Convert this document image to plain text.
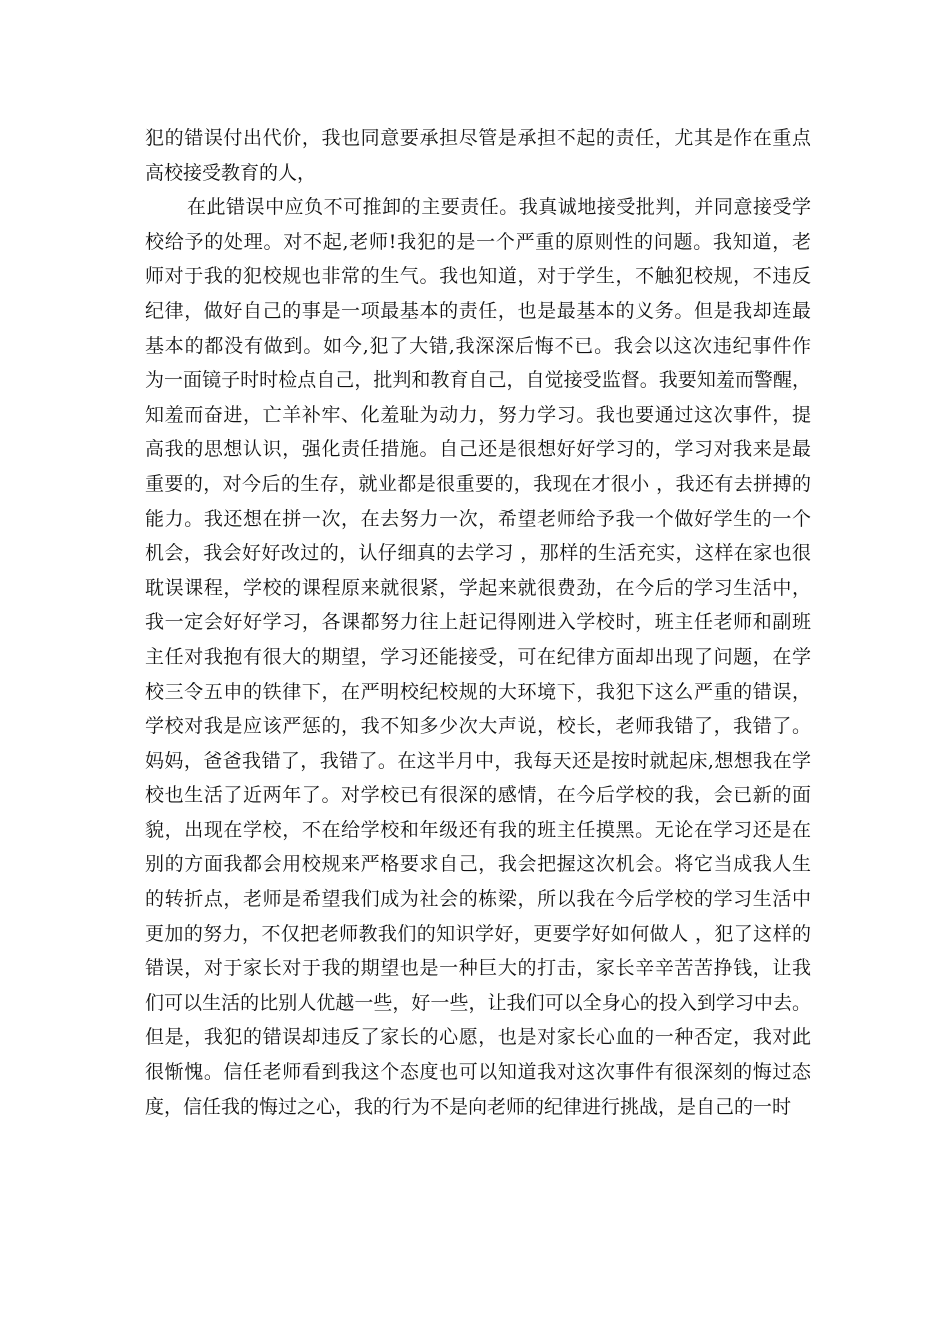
犯的错误付出代价，我也同意要承担尽管是承担不起的责任，尤其是作在重点
高校接受教育的人，
在此错误中应负不可推卸的主要责任。我真诚地接受批判，并同意接受学
校给予的处理。对不起,老师!我犯的是一个严重的原则性的问题。我知道，老
师对于我的犯校规也非常的生气。我也知道，对于学生，不触犯校规，不违反
纪律，做好自己的事是一项最基本的责任，也是最基本的义务。但是我却连最
基本的都没有做到。如今,犯了大错,我深深后悔不已。我会以这次违纪事件作
为一面镜子时时检点自己，批判和教育自己，自觉接受监督。我要知羞而警醒，
知羞而奋进，亡羊补牢、化羞耻为动力，努力学习。我也要通过这次事件，提
高我的思想认识，强化责任措施。自己还是很想好好学习的，学习对我来是最
重要的，对今后的生存，就业都是很重要的，我现在才很小 ，我还有去拼搏的
能力。我还想在拼一次，在去努力一次，希望老师给予我一个做好学生的一个
机会，我会好好改过的，认仔细真的去学习 ，那样的生活充实，这样在家也很
耽误课程，学校的课程原来就很紧，学起来就很费劲，在今后的学习生活中，
我一定会好好学习，各课都努力往上赶记得刚进入学校时，班主任老师和副班
主任对我抱有很大的期望，学习还能接受，可在纪律方面却出现了问题，在学
校三令五申的铁律下，在严明校纪校规的大环境下，我犯下这么严重的错误，
学校对我是应该严惩的，我不知多少次大声说，校长，老师我错了，我错了。
妈妈，爸爸我错了，我错了。在这半月中，我每天还是按时就起床,想想我在学
校也生活了近两年了。对学校已有很深的感情，在今后学校的我，会已新的面
貌，出现在学校，不在给学校和年级还有我的班主任摸黑。无论在学习还是在
别的方面我都会用校规来严格要求自己，我会把握这次机会。将它当成我人生
的转折点，老师是希望我们成为社会的栋梁，所以我在今后学校的学习生活中
更加的努力，不仅把老师教我们的知识学好，更要学好如何做人 ，犯了这样的
错误，对于家长对于我的期望也是一种巨大的打击，家长辛辛苦苦挣钱，让我
们可以生活的比别人优越一些，好一些，让我们可以全身心的投入到学习中去。
但是，我犯的错误却违反了家长的心愿，也是对家长心血的一种否定，我对此
很惭愧。信任老师看到我这个态度也可以知道我对这次事件有很深刻的悔过态
度，信任我的悔过之心，我的行为不是向老师的纪律进行挑战，是自己的一时
